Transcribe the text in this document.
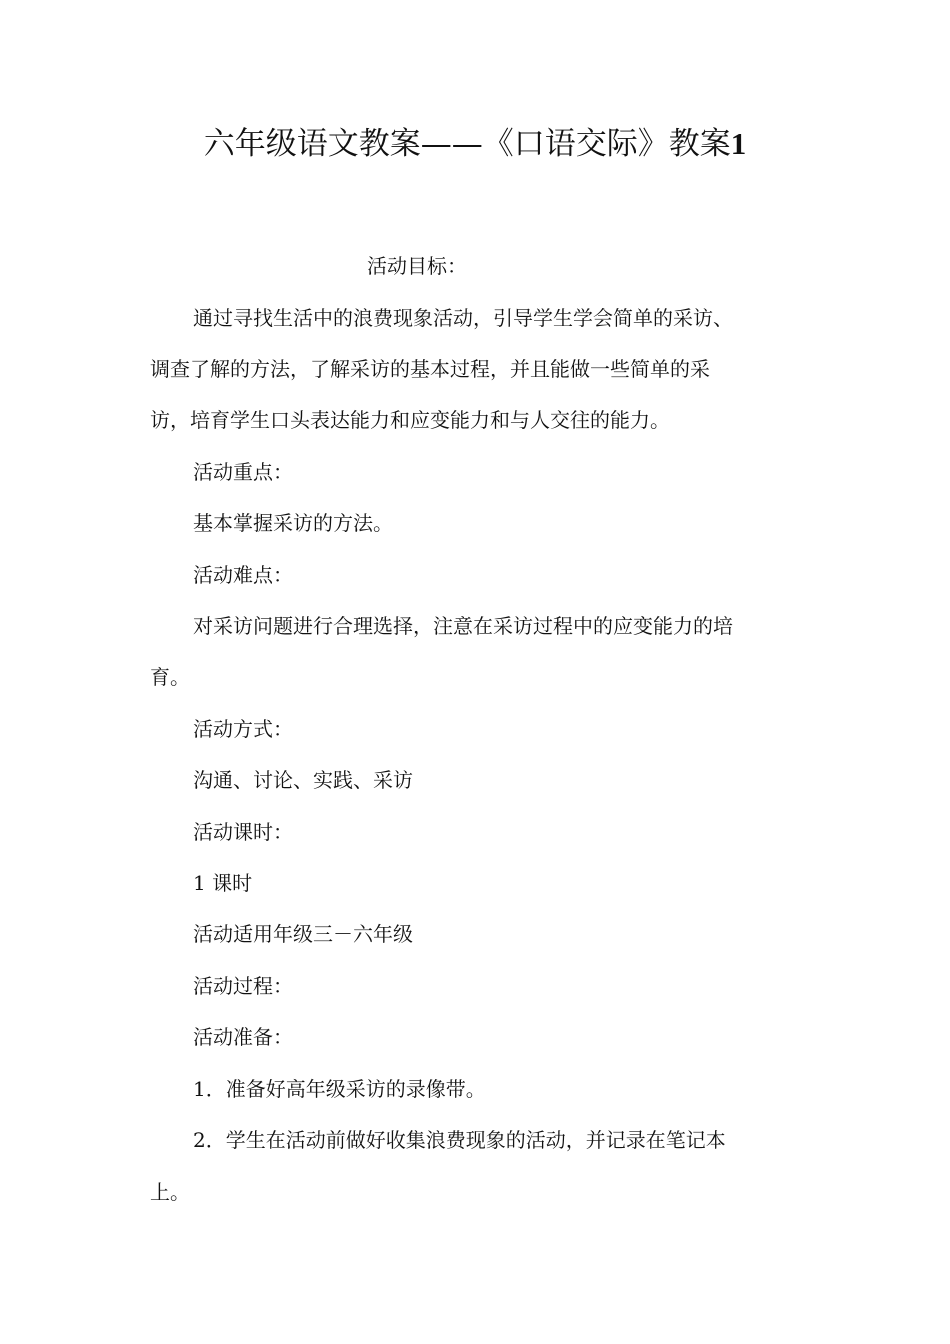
六年级语文教案——《口语交际》教案1

活动目标：

通过寻找生活中的浪费现象活动，引导学生学会简单的采访、

调查了解的方法，了解采访的基本过程，并且能做一些简单的采

访，培育学生口头表达能力和应变能力和与人交往的能力。

活动重点：

基本掌握采访的方法。

活动难点：

对采访问题进行合理选择，注意在采访过程中的应变能力的培

育。

活动方式：

沟通、讨论、实践、采访

活动课时：

1 课时

活动适用年级三－六年级

活动过程：

活动准备：

1．准备好高年级采访的录像带。

2．学生在活动前做好收集浪费现象的活动，并记录在笔记本

上。
